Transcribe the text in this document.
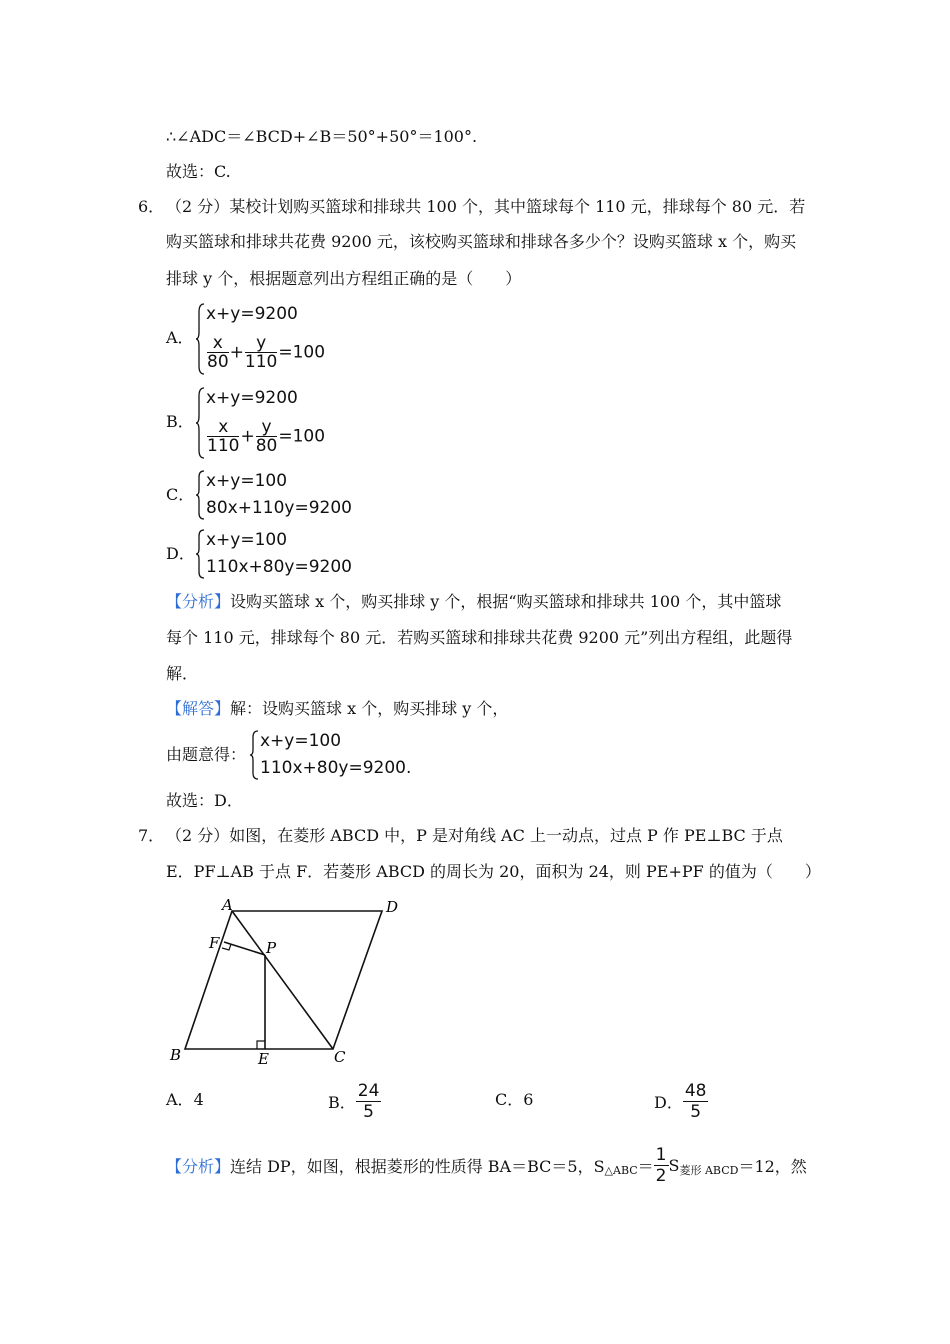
∴∠ADC＝∠BCD+∠B＝50°+50°＝100°.
故选：C.
6． （2 分）某校计划购买篮球和排球共 100 个，其中篮球每个 110 元，排球每个 80 元．若
购买篮球和排球共花费 9200 元，该校购买篮球和排球各多少个？设购买篮球 x 个，购买
排球 y 个，根据题意列出方程组正确的是（　　）
A．
x+y=9200
$\frac{x}{80} + \frac{y}{110} =100$
B．
x+y=9200
$\frac{x}{110} + \frac{y}{80} =100$
C．
x+y=100
80x+110y=9200
D．
x+y=100
110x+80y=9200
【分析】设购买篮球 x 个，购买排球 y 个，根据“购买篮球和排球共 100 个，其中篮球
每个 110 元，排球每个 80 元．若购买篮球和排球共花费 9200 元”列出方程组，此题得
解．
【解答】解：设购买篮球 x 个，购买排球 y 个，
由题意得：
x+y=100
110x+80y=9200.
故选：D．
7． （2 分）如图，在菱形 ABCD 中，P 是对角线 AC 上一动点，过点 P 作 PE⊥BC 于点
E．PF⊥AB 于点 F．若菱形 ABCD 的周长为 20，面积为 24，则 PE+PF 的值为（　　）
A	D
B	C
E
F	P
A．4	B． $\frac{24}{5}$	C．6	D． $\frac{48}{5}$
【分析】连结 DP，如图，根据菱形的性质得 BA＝BC＝5，$S_{\triangle ABC}= \frac{1}{2} S_{菱形 ABCD}=12$，然
